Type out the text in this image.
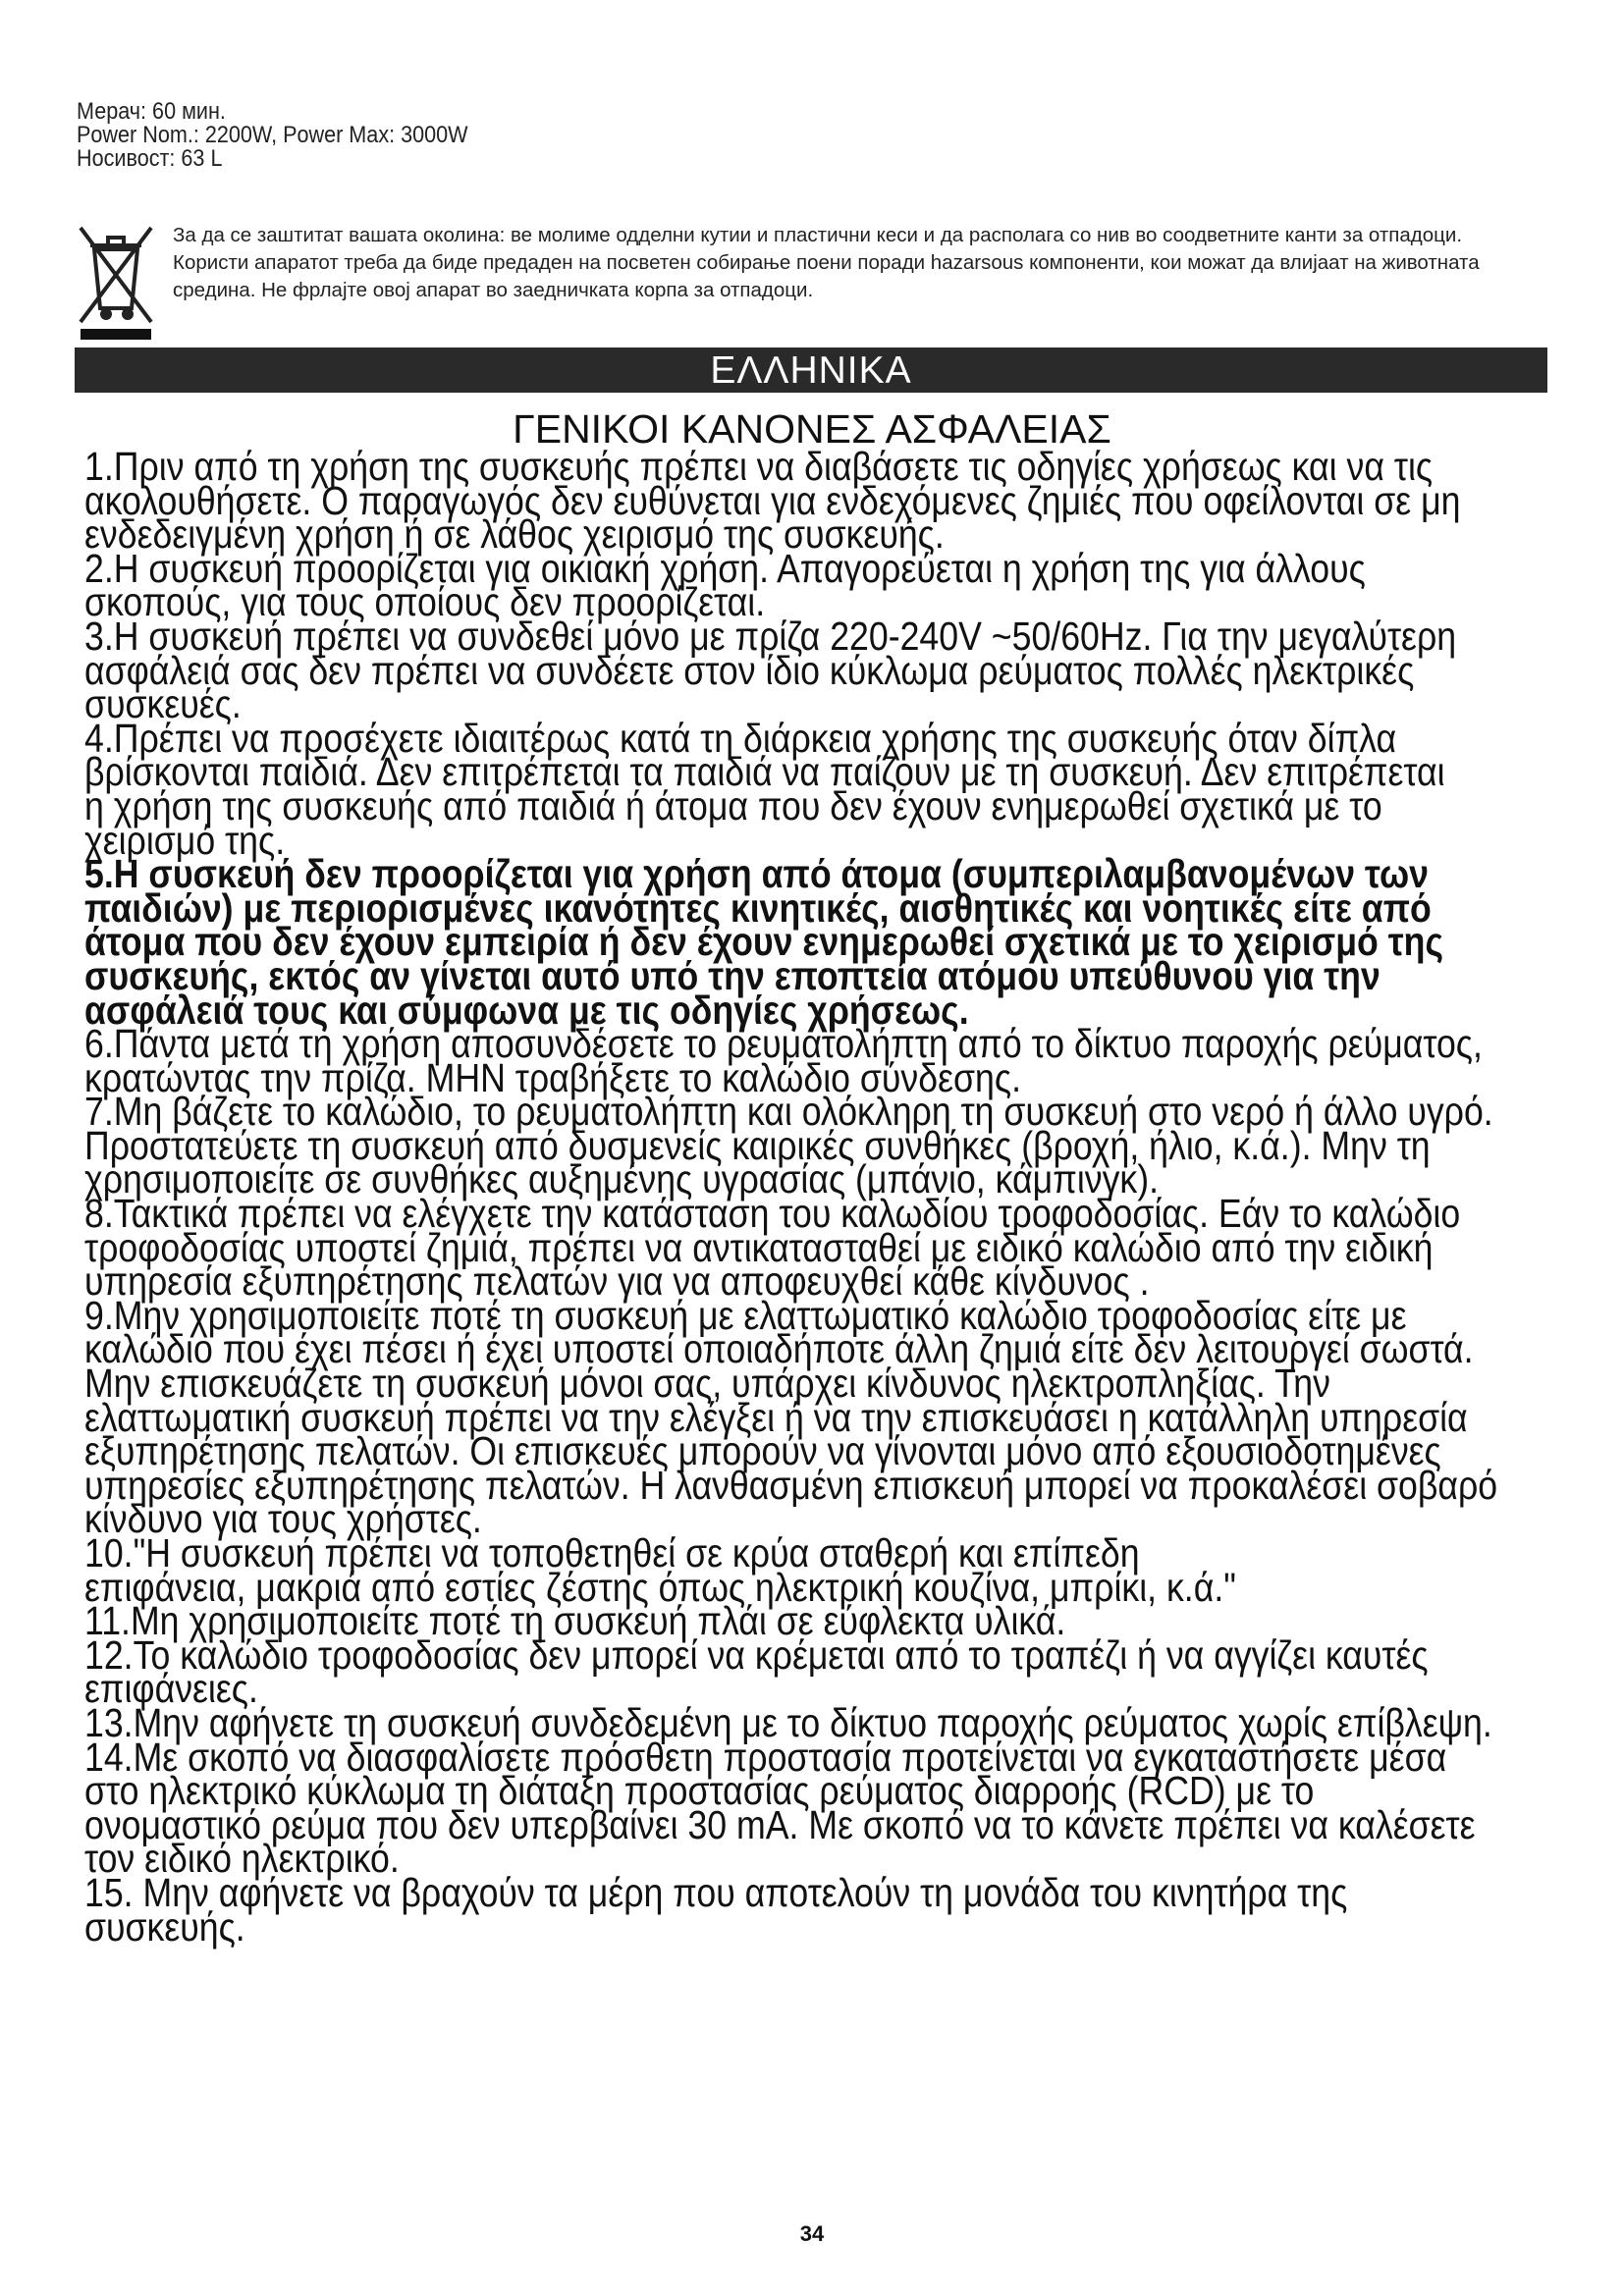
Мерач: 60 мин.
Power Nom.: 2200W, Power Max: 3000W
Носивост: 63 L
За да се заштитат вашата околина: ве молиме одделни кутии и пластични кеси и да располага со нив во соодветните канти за отпадоци.
Користи апаратот треба да биде предаден на посветен собирање поени поради hazarsous компоненти, кои можат да влијаат на животната
средина. Не фрлајте овој апарат во заедничката корпа за отпадоци.
ΕΛΛΗΝΙΚΑ
ΓΕΝΙΚΟΙ ΚΑΝΟΝΕΣ ΑΣΦΑΛΕΙΑΣ

1.Πριν από τη χρήση της συσκευής πρέπει να διαβάσετε τις οδηγίες χρήσεως και να τις

ακολουθήσετε. Ο παραγωγός δεν ευθύνεται για ενδεχόμενες ζημιές που οφείλονται σε μη

ενδεδειγμένη χρήση ή σε λάθος χειρισμό της συσκευής.

2.Η συσκευή προορίζεται για οικιακή χρήση. Απαγορεύεται η χρήση της για άλλους

σκοπούς, για τους οποίους δεν προορίζεται.

3.Η συσκευή πρέπει να συνδεθεί μόνο με πρίζα 220-240V ~50/60Hz. Για την μεγαλύτερη

ασφάλειά σας δεν πρέπει να συνδέετε στον ίδιο κύκλωμα ρεύματος πολλές ηλεκτρικές

συσκευές.

4.Πρέπει να προσέχετε ιδιαιτέρως κατά τη διάρκεια χρήσης της συσκευής όταν δίπλα

βρίσκονται παιδιά. Δεν επιτρέπεται τα παιδιά να παίζουν με τη συσκευή. Δεν επιτρέπεται

η χρήση της συσκευής από παιδιά ή άτομα που δεν έχουν ενημερωθεί σχετικά με το

χειρισμό της.

5.Η συσκευή δεν προορίζεται για χρήση από άτομα (συμπεριλαμβανομένων των

παιδιών) με περιορισμένες ικανότητες κινητικές, αισθητικές και νοητικές είτε από

άτομα που δεν έχουν εμπειρία ή δεν έχουν ενημερωθεί σχετικά με το χειρισμό της

συσκευής, εκτός αν γίνεται αυτό υπό την εποπτεία ατόμου υπεύθυνου για την

ασφάλειά τους και σύμφωνα με τις οδηγίες χρήσεως.

6.Πάντα μετά τη χρήση αποσυνδέσετε το ρευματολήπτη από το δίκτυο παροχής ρεύματος,

κρατώντας την πρίζα. ΜΗΝ τραβήξετε το καλώδιο σύνδεσης.

7.Μη βάζετε το καλώδιο, το ρευματολήπτη και ολόκληρη τη συσκευή στο νερό ή άλλο υγρό.

Προστατεύετε τη συσκευή από δυσμενείς καιρικές συνθήκες (βροχή, ήλιο, κ.ά.). Μην τη

χρησιμοποιείτε σε συνθήκες αυξημένης υγρασίας (μπάνιο, κάμπινγκ).

8.Τακτικά πρέπει να ελέγχετε την κατάσταση του καλωδίου τροφοδοσίας. Εάν το καλώδιο

τροφοδοσίας υποστεί ζημιά, πρέπει να αντικατασταθεί με ειδικό καλώδιο από την ειδική

υπηρεσία εξυπηρέτησης πελατών για να αποφευχθεί κάθε κίνδυνος .

9.Μην χρησιμοποιείτε ποτέ τη συσκευή με ελαττωματικό καλώδιο τροφοδοσίας είτε με

καλώδιο που έχει πέσει ή έχει υποστεί οποιαδήποτε άλλη ζημιά είτε δεν λειτουργεί σωστά.

Μην επισκευάζετε τη συσκευή μόνοι σας, υπάρχει κίνδυνος ηλεκτροπληξίας. Την

ελαττωματική συσκευή πρέπει να την ελέγξει ή να την επισκευάσει η κατάλληλη υπηρεσία

εξυπηρέτησης πελατών. Οι επισκευές μπορούν να γίνονται μόνο από εξουσιοδοτημένες

υπηρεσίες εξυπηρέτησης πελατών. Η λανθασμένη επισκευή μπορεί να προκαλέσει σοβαρό

κίνδυνο για τους χρήστες.

10."Η συσκευή πρέπει να τοποθετηθεί σε κρύα σταθερή και επίπεδη

επιφάνεια, μακριά από εστίες ζέστης όπως ηλεκτρική κουζίνα, μπρίκι, κ.ά."

11.Μη χρησιμοποιείτε ποτέ τη συσκευή πλάι σε εύφλεκτα υλικά.

12.Το καλώδιο τροφοδοσίας δεν μπορεί να κρέμεται από το τραπέζι ή να αγγίζει καυτές

επιφάνειες.

13.Μην αφήνετε τη συσκευή συνδεδεμένη με το δίκτυο παροχής ρεύματος χωρίς επίβλεψη.

14.Με σκοπό να διασφαλίσετε πρόσθετη προστασία προτείνεται να εγκαταστήσετε μέσα

στο ηλεκτρικό κύκλωμα τη διάταξη προστασίας ρεύματος διαρροής (RCD) με το

ονομαστικό ρεύμα που δεν υπερβαίνει 30 mA. Με σκοπό να το κάνετε πρέπει να καλέσετε

τον ειδικό ηλεκτρικό.

15. Μην αφήνετε να βραχούν τα μέρη που αποτελούν τη μονάδα του κινητήρα της

συσκευής.

34
